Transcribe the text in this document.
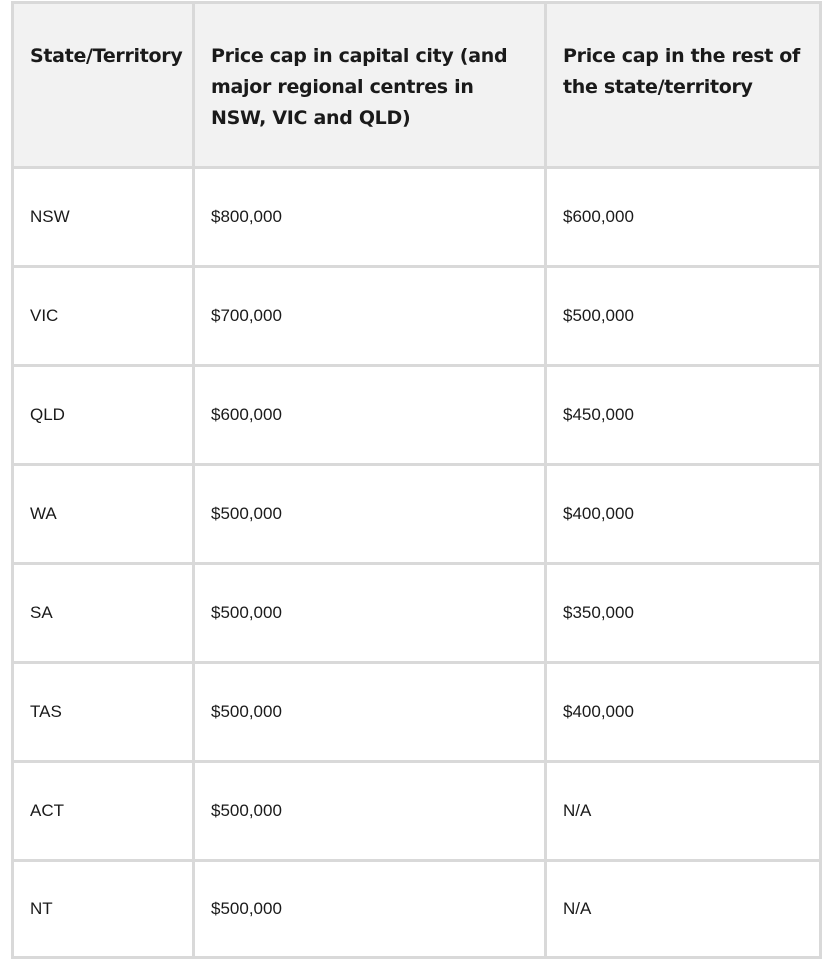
State/Territory	Price cap in capital city (and major regional centres in NSW, VIC and QLD)	Price cap in the rest of the state/territory
NSW	$800,000	$600,000
VIC	$700,000	$500,000
QLD	$600,000	$450,000
WA	$500,000	$400,000
SA	$500,000	$350,000
TAS	$500,000	$400,000
ACT	$500,000	N/A
NT	$500,000	N/A
